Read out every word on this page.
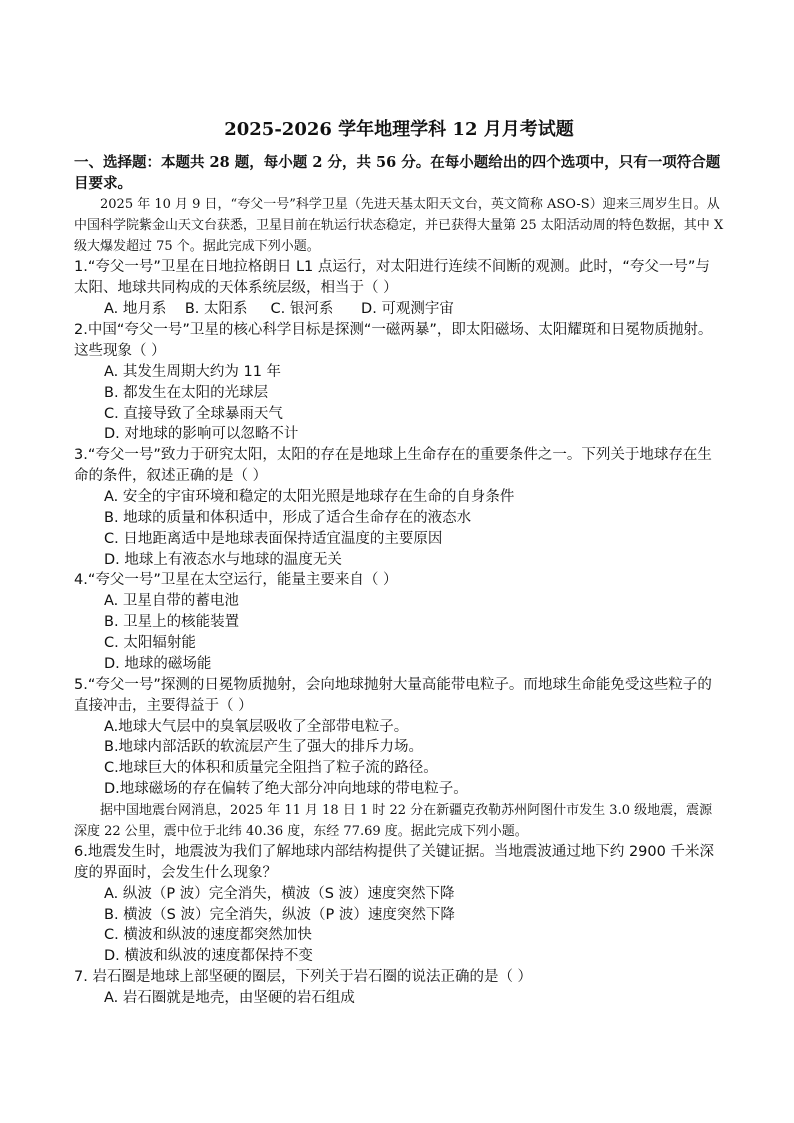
2025-2026 学年地理学科 12 月月考试题

一、选择题：本题共 28 题，每小题 2 分，共 56 分。在每小题给出的四个选项中，只有一项符合题目要求。

2025 年 10 月 9 日，“夸父一号”科学卫星（先进天基太阳天文台，英文简称 ASO-S）迎来三周岁生日。从中国科学院紫金山天文台获悉，卫星目前在轨运行状态稳定，并已获得大量第 25 太阳活动周的特色数据，其中 X 级大爆发超过 75 个。据此完成下列小题。

1.“夸父一号”卫星在日地拉格朗日 L1 点运行，对太阳进行连续不间断的观测。此时，“夸父一号”与太阳、地球共同构成的天体系统层级，相当于（ ）

A. 地月系    B. 太阳系     C. 银河系      D. 可观测宇宙

2.中国“夸父一号”卫星的核心科学目标是探测“一磁两暴”，即太阳磁场、太阳耀斑和日冕物质抛射。这些现象（ ）

A. 其发生周期大约为 11 年

B. 都发生在太阳的光球层

C. 直接导致了全球暴雨天气

D. 对地球的影响可以忽略不计

3.“夸父一号”致力于研究太阳，太阳的存在是地球上生命存在的重要条件之一。下列关于地球存在生命的条件，叙述正确的是（ ）

A. 安全的宇宙环境和稳定的太阳光照是地球存在生命的自身条件

B. 地球的质量和体积适中，形成了适合生命存在的液态水

C. 日地距离适中是地球表面保持适宜温度的主要原因

D. 地球上有液态水与地球的温度无关

4.“夸父一号”卫星在太空运行，能量主要来自（ ）

A. 卫星自带的蓄电池

B. 卫星上的核能装置

C. 太阳辐射能

D. 地球的磁场能

5.“夸父一号”探测的日冕物质抛射，会向地球抛射大量高能带电粒子。而地球生命能免受这些粒子的直接冲击，主要得益于（ ）

A.地球大气层中的臭氧层吸收了全部带电粒子。

B.地球内部活跃的软流层产生了强大的排斥力场。

C.地球巨大的体积和质量完全阻挡了粒子流的路径。

D.地球磁场的存在偏转了绝大部分冲向地球的带电粒子。

据中国地震台网消息，2025 年 11 月 18 日 1 时 22 分在新疆克孜勒苏州阿图什市发生 3.0 级地震，震源深度 22 公里，震中位于北纬 40.36 度，东经 77.69 度。据此完成下列小题。

6.地震发生时，地震波为我们了解地球内部结构提供了关键证据。当地震波通过地下约 2900 千米深度的界面时，会发生什么现象？

A. 纵波（P 波）完全消失，横波（S 波）速度突然下降

B. 横波（S 波）完全消失，纵波（P 波）速度突然下降

C. 横波和纵波的速度都突然加快

D. 横波和纵波的速度都保持不变

7. 岩石圈是地球上部坚硬的圈层，下列关于岩石圈的说法正确的是（ ）

A. 岩石圈就是地壳，由坚硬的岩石组成
